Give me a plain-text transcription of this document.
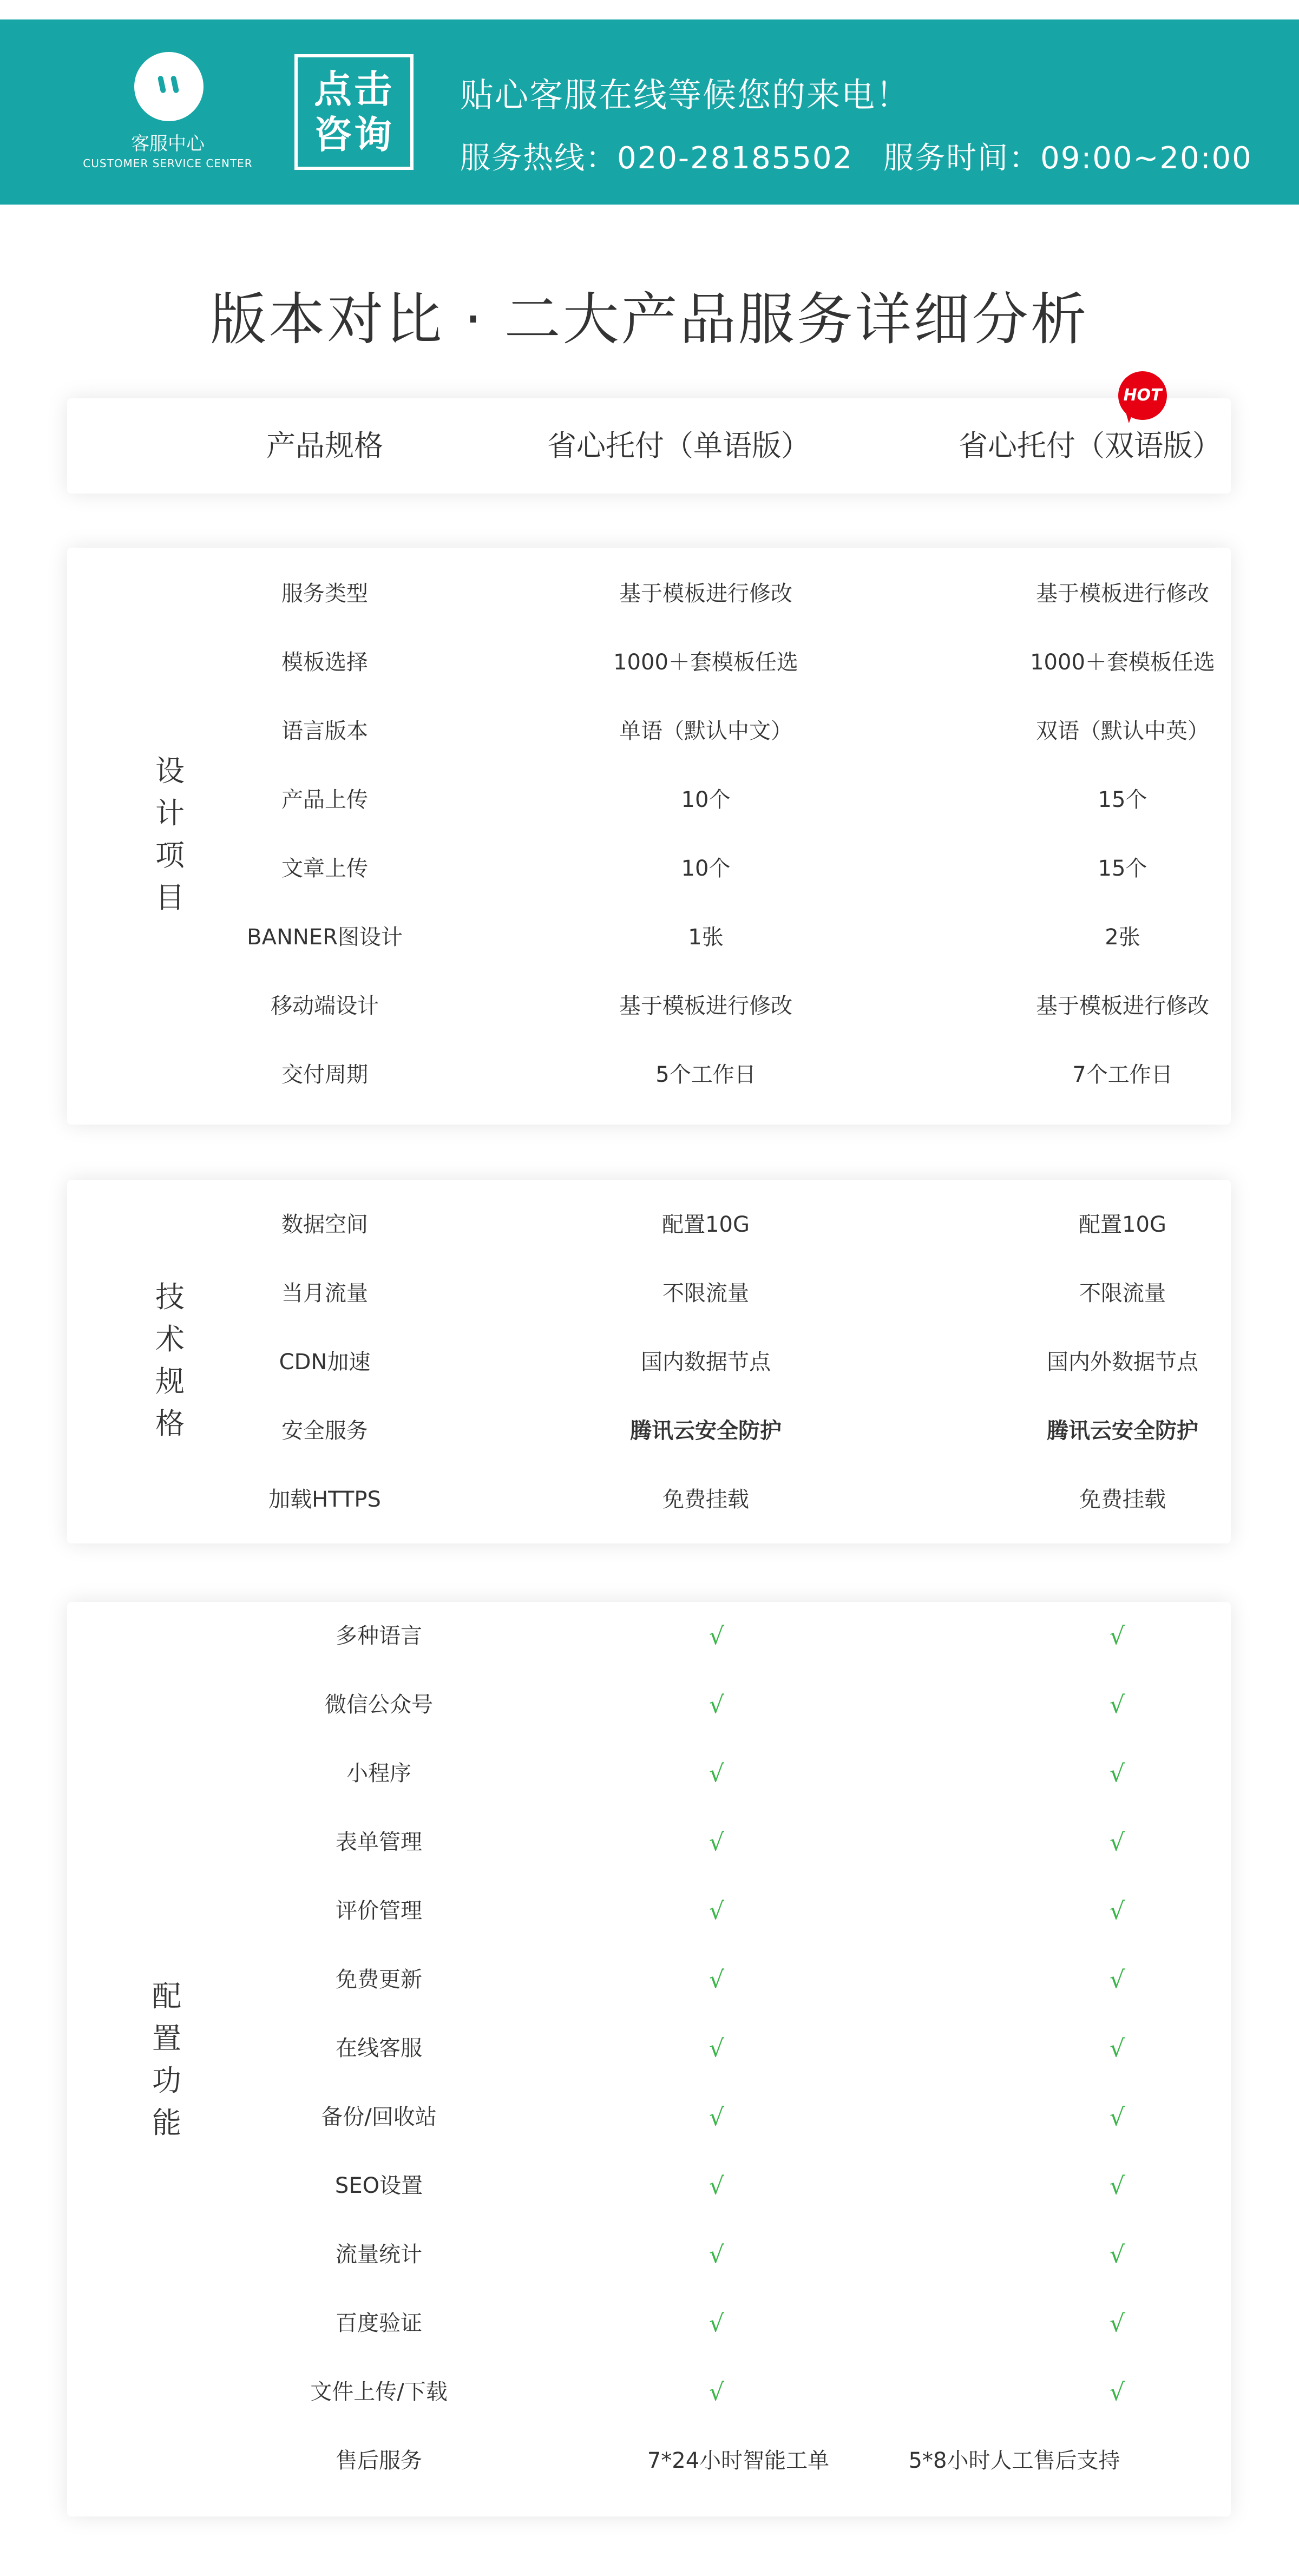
客服中心
CUSTOMER SERVICE CENTER
点击
咨询
贴心客服在线等候您的来电！
服务热线：020-28185502 服务时间：09:00~20:00
版本对比 · 二大产品服务详细分析
HOT
产品规格	省心托付（单语版）	省心托付（双语版）
设
计
项
目
服务类型	基于模板进行修改	基于模板进行修改
模板选择	1000＋套模板任选	1000＋套模板任选
语言版本	单语（默认中文）	双语（默认中英）
产品上传	10个	15个
文章上传	10个	15个
BANNER图设计	1张	2张
移动端设计	基于模板进行修改	基于模板进行修改
交付周期	5个工作日	7个工作日
技
术
规
格
数据空间	配置10G	配置10G
当月流量	不限流量	不限流量
CDN加速	国内数据节点	国内外数据节点
安全服务	腾讯云安全防护	腾讯云安全防护
加载HTTPS	免费挂载	免费挂载
配
置
功
能
多种语言	√	√
微信公众号	√	√
小程序	√	√
表单管理	√	√
评价管理	√	√
免费更新	√	√
在线客服	√	√
备份/回收站	√	√
SEO设置	√	√
流量统计	√	√
百度验证	√	√
文件上传/下载	√	√
售后服务	7*24小时智能工单	5*8小时人工售后支持
